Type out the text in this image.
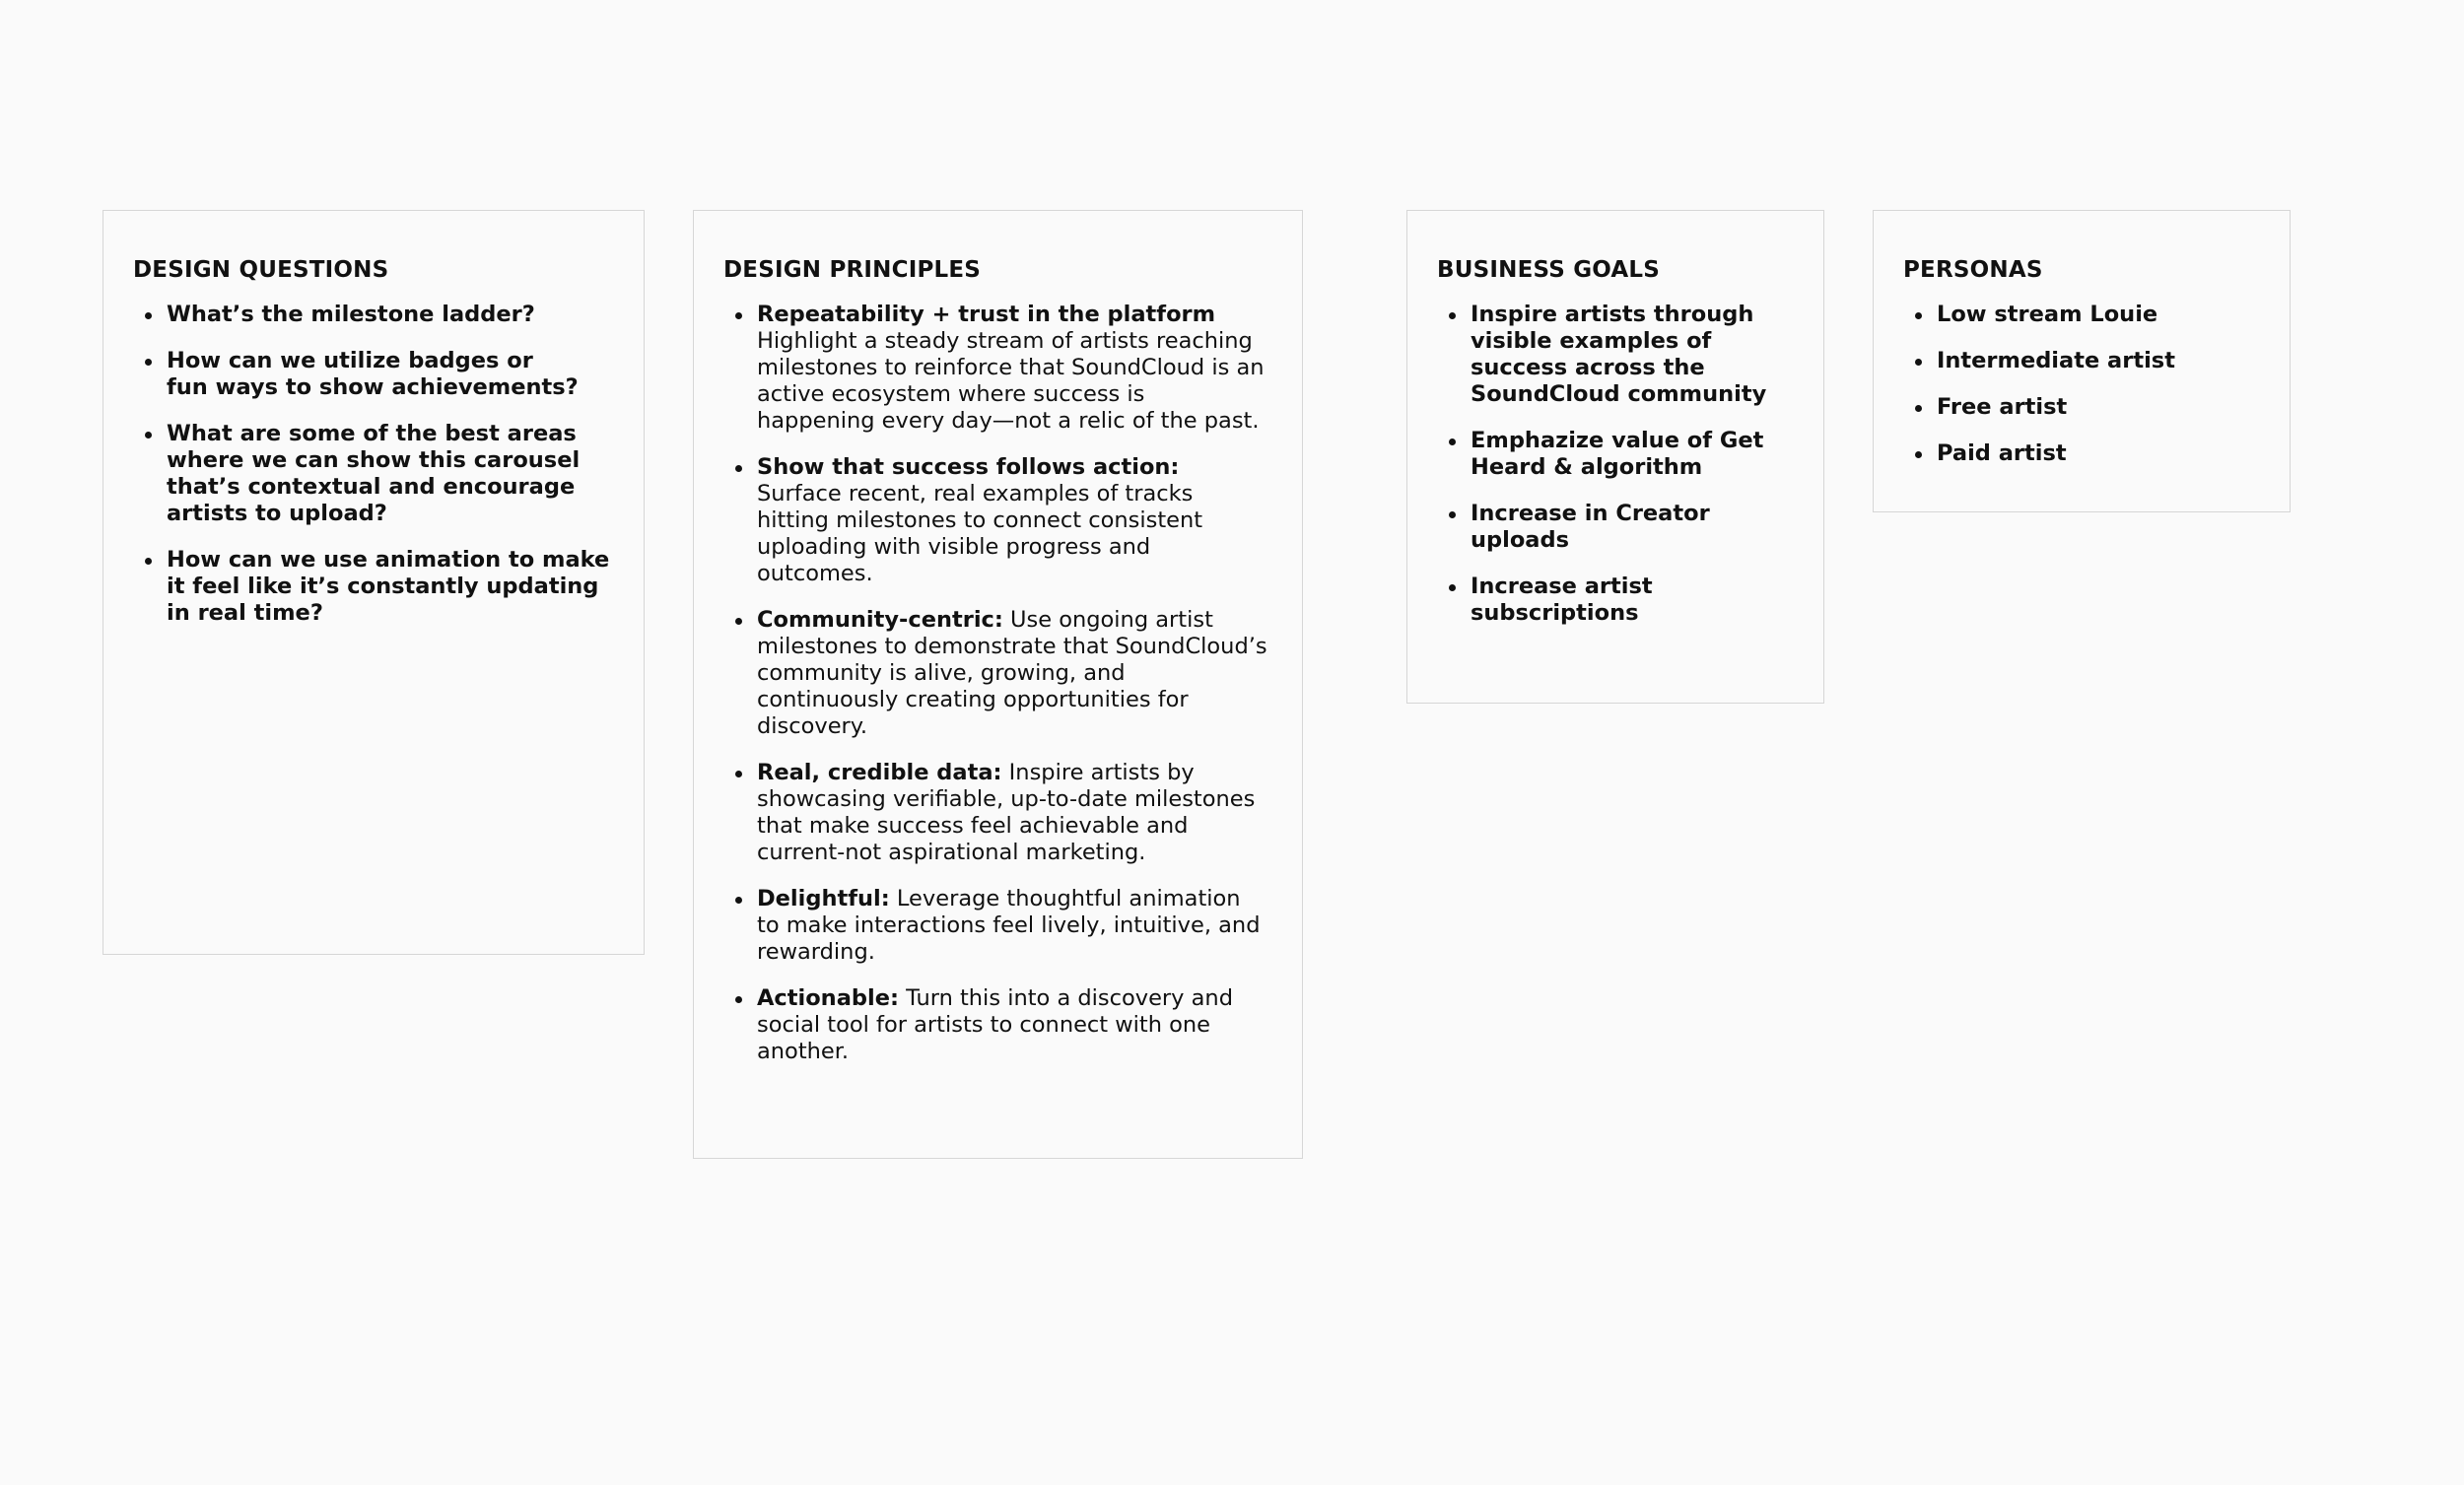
DESIGN QUESTIONS
What’s the milestone ladder?
How can we utilize badges or fun ways to show achievements?
What are some of the best areas where we can show this carousel that’s contextual and encourage artists to upload?
How can we use animation to make it feel like it’s constantly updating in real time?
DESIGN PRINCIPLES
Repeatability + trust in the platform
Highlight a steady stream of artists reaching milestones to reinforce that SoundCloud is an active ecosystem where success is happening every day—not a relic of the past.
Show that success follows action:
Surface recent, real examples of tracks hitting milestones to connect consistent uploading with visible progress and outcomes.
Community-centric: Use ongoing artist milestones to demonstrate that SoundCloud’s community is alive, growing, and continuously creating opportunities for discovery.
Real, credible data: Inspire artists by showcasing verifiable, up-to-date milestones that make success feel achievable and current-not aspirational marketing.
Delightful: Leverage thoughtful animation to make interactions feel lively, intuitive, and rewarding.
Actionable: Turn this into a discovery and social tool for artists to connect with one another.
BUSINESS GOALS
Inspire artists through visible examples of success across the SoundCloud community
Emphazize value of Get Heard & algorithm
Increase in Creator uploads
Increase artist subscriptions
PERSONAS
Low stream Louie
Intermediate artist
Free artist
Paid artist
